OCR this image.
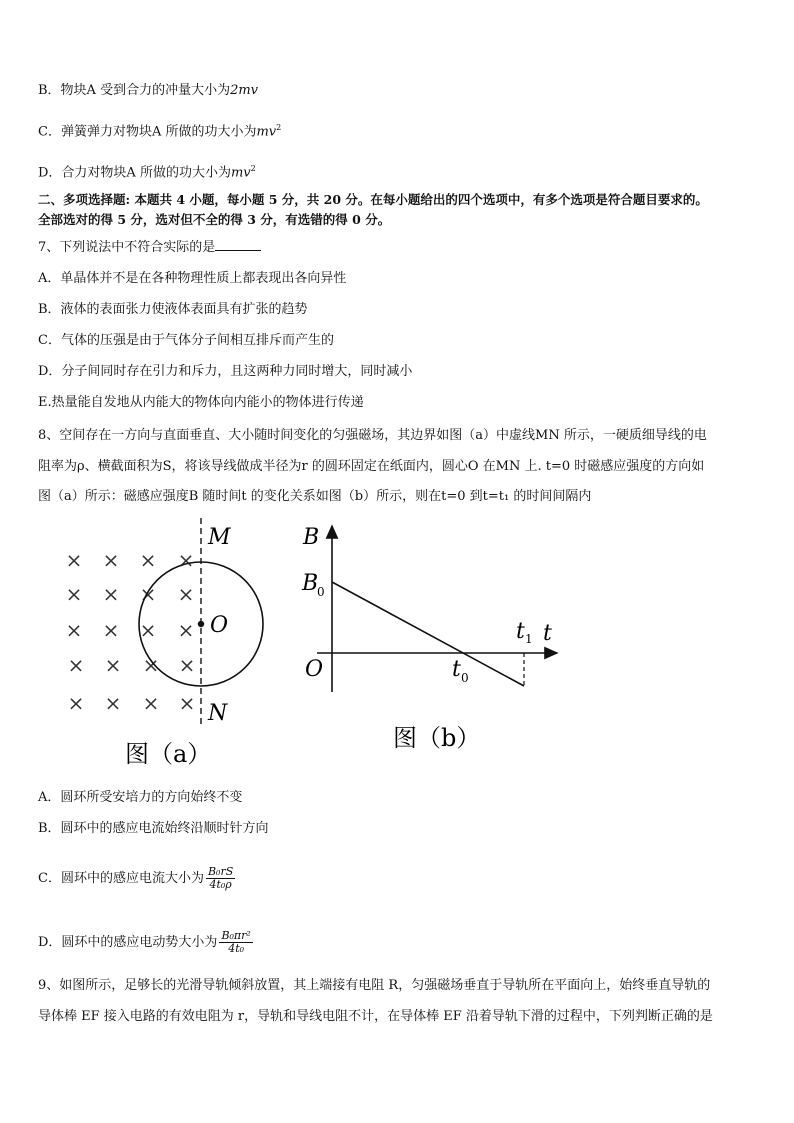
B．物块A 受到合力的冲量大小为2mv
C．弹簧弹力对物块A 所做的功大小为$mv^2$
D．合力对物块A 所做的功大小为$mv^2$
二、多项选择题: 本题共 4 小题，每小题 5 分，共 20 分。在每小题给出的四个选项中，有多个选项是符合题目要求的。
全部选对的得 5 分，选对但不全的得 3 分，有选错的得 0 分。
7、下列说法中不符合实际的是
A．单晶体并不是在各种物理性质上都表现出各向异性
B．液体的表面张力使液体表面具有扩张的趋势
C．气体的压强是由于气体分子间相互排斥而产生的
D．分子间同时存在引力和斥力，且这两种力同时增大，同时减小
E.热量能自发地从内能大的物体向内能小的物体进行传递
8、空间存在一方向与直面垂直、大小随时间变化的匀强磁场，其边界如图（a）中虚线MN 所示，一硬质细导线的电
阻率为ρ、横截面积为S，将该导线做成半径为r 的圆环固定在纸面内，圆心O 在MN 上. t=0 时磁感应强度的方向如
图（a）所示：磁感应强度B 随时间t 的变化关系如图（b）所示，则在t=0 到t=t₁ 的时间间隔内
× × × ×
× × × ×
× × × ×
× × × ×
× × × ×
M
O
N
图（a）
B
B
0
t
t 1
t 0
O
图（b）
A．圆环所受安培力的方向始终不变
B．圆环中的感应电流始终沿顺时针方向
C．圆环中的感应电流大小为 $\frac{\text{B₀rS}}{\text{4t₀ρ}}$
D．圆环中的感应电动势大小为 $\frac{\text{B₀πr²}}{\text{4t₀}}$
9、如图所示，足够长的光滑导轨倾斜放置，其上端接有电阻 R，匀强磁场垂直于导轨所在平面向上，始终垂直导轨的
导体棒 EF 接入电路的有效电阻为 r，导轨和导线电阻不计，在导体棒 EF 沿着导轨下滑的过程中，下列判断正确的是
